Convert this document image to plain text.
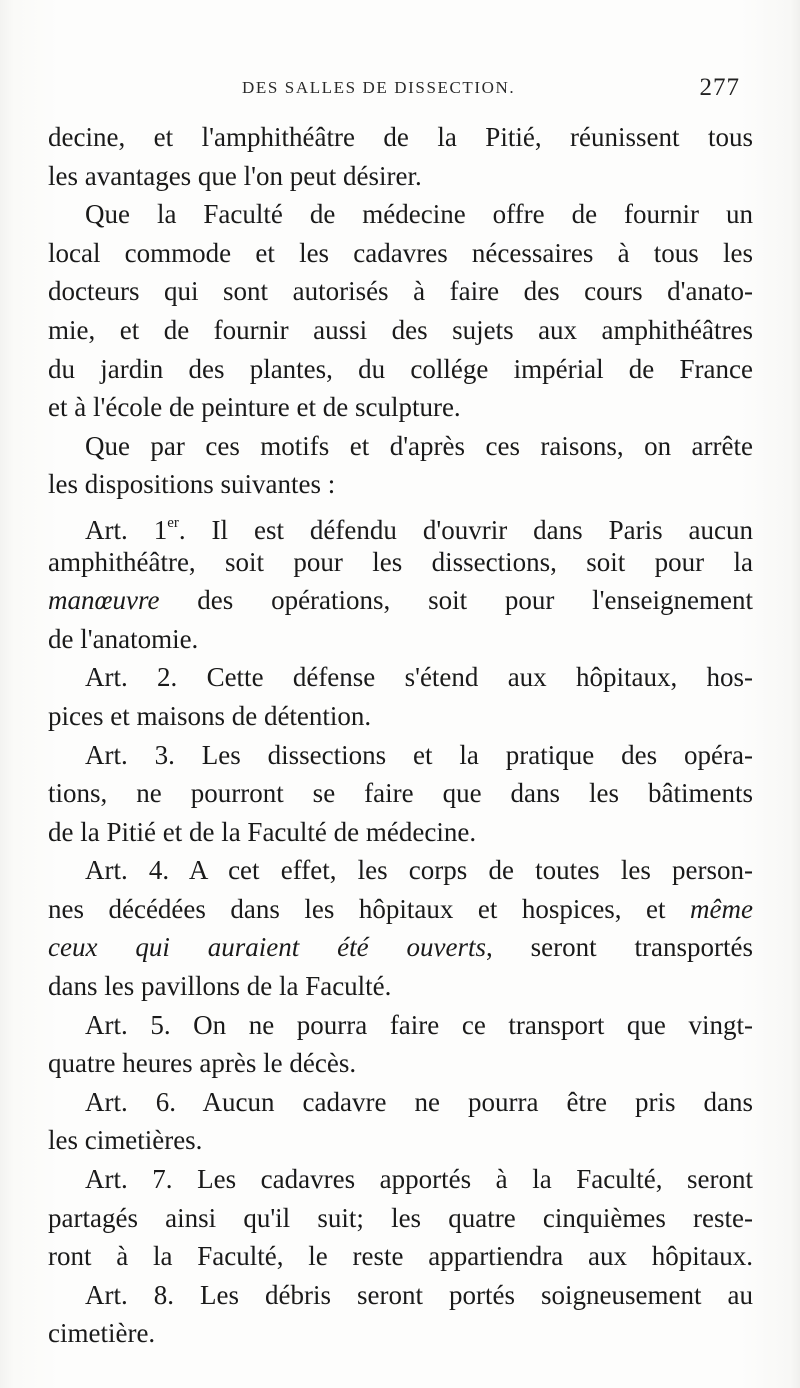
DES SALLES DE DISSECTION.	277
decine, et l'amphithéâtre de la Pitié, réunissent tous
les avantages que l'on peut désirer.
Que la Faculté de médecine offre de fournir un
local commode et les cadavres nécessaires à tous les
docteurs qui sont autorisés à faire des cours d'anato-
mie, et de fournir aussi des sujets aux amphithéâtres
du jardin des plantes, du collége impérial de France
et à l'école de peinture et de sculpture.
Que par ces motifs et d'après ces raisons, on arrête
les dispositions suivantes :
Art. 1er. Il est défendu d'ouvrir dans Paris aucun
amphithéâtre, soit pour les dissections, soit pour la
manœuvre des opérations, soit pour l'enseignement
de l'anatomie.
Art. 2. Cette défense s'étend aux hôpitaux, hos-
pices et maisons de détention.
Art. 3. Les dissections et la pratique des opéra-
tions, ne pourront se faire que dans les bâtiments
de la Pitié et de la Faculté de médecine.
Art. 4. A cet effet, les corps de toutes les person-
nes décédées dans les hôpitaux et hospices, et même
ceux qui auraient été ouverts, seront transportés
dans les pavillons de la Faculté.
Art. 5. On ne pourra faire ce transport que vingt-
quatre heures après le décès.
Art. 6. Aucun cadavre ne pourra être pris dans
les cimetières.
Art. 7. Les cadavres apportés à la Faculté, seront
partagés ainsi qu'il suit; les quatre cinquièmes reste-
ront à la Faculté, le reste appartiendra aux hôpitaux.
Art. 8. Les débris seront portés soigneusement au
cimetière.
